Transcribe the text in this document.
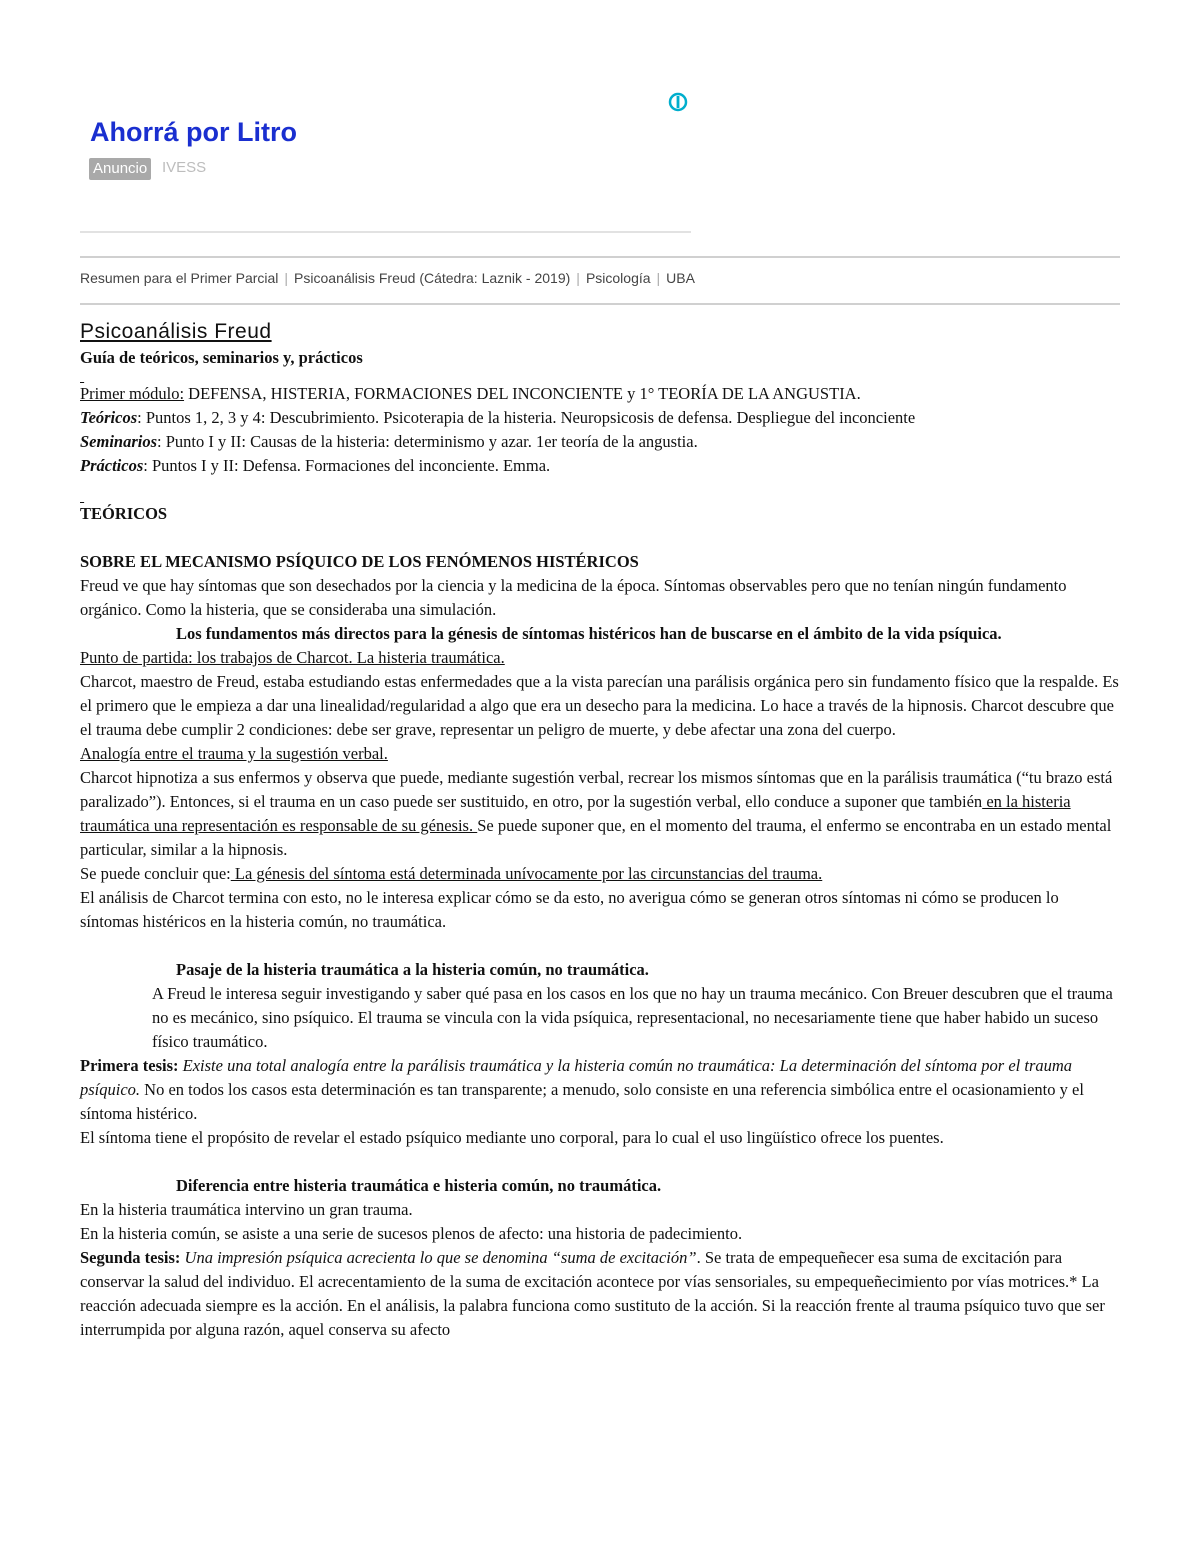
Ahorrá por Litro
Anuncio IVESS
Resumen para el Primer Parcial | Psicoanálisis Freud (Cátedra: Laznik - 2019) | Psicología | UBA

Psicoanálisis Freud

Guía de teóricos, seminarios y, prácticos

Primer módulo: DEFENSA, HISTERIA, FORMACIONES DEL INCONCIENTE y 1° TEORÍA DE LA ANGUSTIA.

Teóricos: Puntos 1, 2, 3 y 4: Descubrimiento. Psicoterapia de la histeria. Neuropsicosis de defensa. Despliegue del inconciente

Seminarios: Punto I y II: Causas de la histeria: determinismo y azar. 1er teoría de la angustia.

Prácticos: Puntos I y II: Defensa. Formaciones del inconciente. Emma.

TEÓRICOS

SOBRE EL MECANISMO PSÍQUICO DE LOS FENÓMENOS HISTÉRICOS

Freud ve que hay síntomas que son desechados por la ciencia y la medicina de la época. Síntomas observables pero que no tenían ningún fundamento orgánico. Como la histeria, que se consideraba una simulación.

Los fundamentos más directos para la génesis de síntomas histéricos han de buscarse en el ámbito de la vida psíquica.

Punto de partida: los trabajos de Charcot. La histeria traumática.

Charcot, maestro de Freud, estaba estudiando estas enfermedades que a la vista parecían una parálisis orgánica pero sin fundamento físico que la respalde. Es el primero que le empieza a dar una linealidad/regularidad a algo que era un desecho para la medicina. Lo hace a través de la hipnosis. Charcot descubre que el trauma debe cumplir 2 condiciones: debe ser grave, representar un peligro de muerte, y debe afectar una zona del cuerpo.

Analogía entre el trauma y la sugestión verbal.

Charcot hipnotiza a sus enfermos y observa que puede, mediante sugestión verbal, recrear los mismos síntomas que en la parálisis traumática (“tu brazo está paralizado”). Entonces, si el trauma en un caso puede ser sustituido, en otro, por la sugestión verbal, ello conduce a suponer que también en la histeria traumática una representación es responsable de su génesis. Se puede suponer que, en el momento del trauma, el enfermo se encontraba en un estado mental particular, similar a la hipnosis.

Se puede concluir que: La génesis del síntoma está determinada unívocamente por las circunstancias del trauma.

El análisis de Charcot termina con esto, no le interesa explicar cómo se da esto, no averigua cómo se generan otros síntomas ni cómo se producen lo síntomas histéricos en la histeria común, no traumática.

Pasaje de la histeria traumática a la histeria común, no traumática.

A Freud le interesa seguir investigando y saber qué pasa en los casos en los que no hay un trauma mecánico. Con Breuer descubren que el trauma no es mecánico, sino psíquico. El trauma se vincula con la vida psíquica, representacional, no necesariamente tiene que haber habido un suceso físico traumático.

Primera tesis: Existe una total analogía entre la parálisis traumática y la histeria común no traumática: La determinación del síntoma por el trauma psíquico. No en todos los casos esta determinación es tan transparente; a menudo, solo consiste en una referencia simbólica entre el ocasionamiento y el síntoma histérico.

El síntoma tiene el propósito de revelar el estado psíquico mediante uno corporal, para lo cual el uso lingüístico ofrece los puentes.

Diferencia entre histeria traumática e histeria común, no traumática.

En la histeria traumática intervino un gran trauma.

En la histeria común, se asiste a una serie de sucesos plenos de afecto: una historia de padecimiento.

Segunda tesis: Una impresión psíquica acrecienta lo que se denomina “suma de excitación”. Se trata de empequeñecer esa suma de excitación para conservar la salud del individuo. El acrecentamiento de la suma de excitación acontece por vías sensoriales, su empequeñecimiento por vías motrices.* La reacción adecuada siempre es la acción. En el análisis, la palabra funciona como sustituto de la acción. Si la reacción frente al trauma psíquico tuvo que ser interrumpida por alguna razón, aquel conserva su afecto
